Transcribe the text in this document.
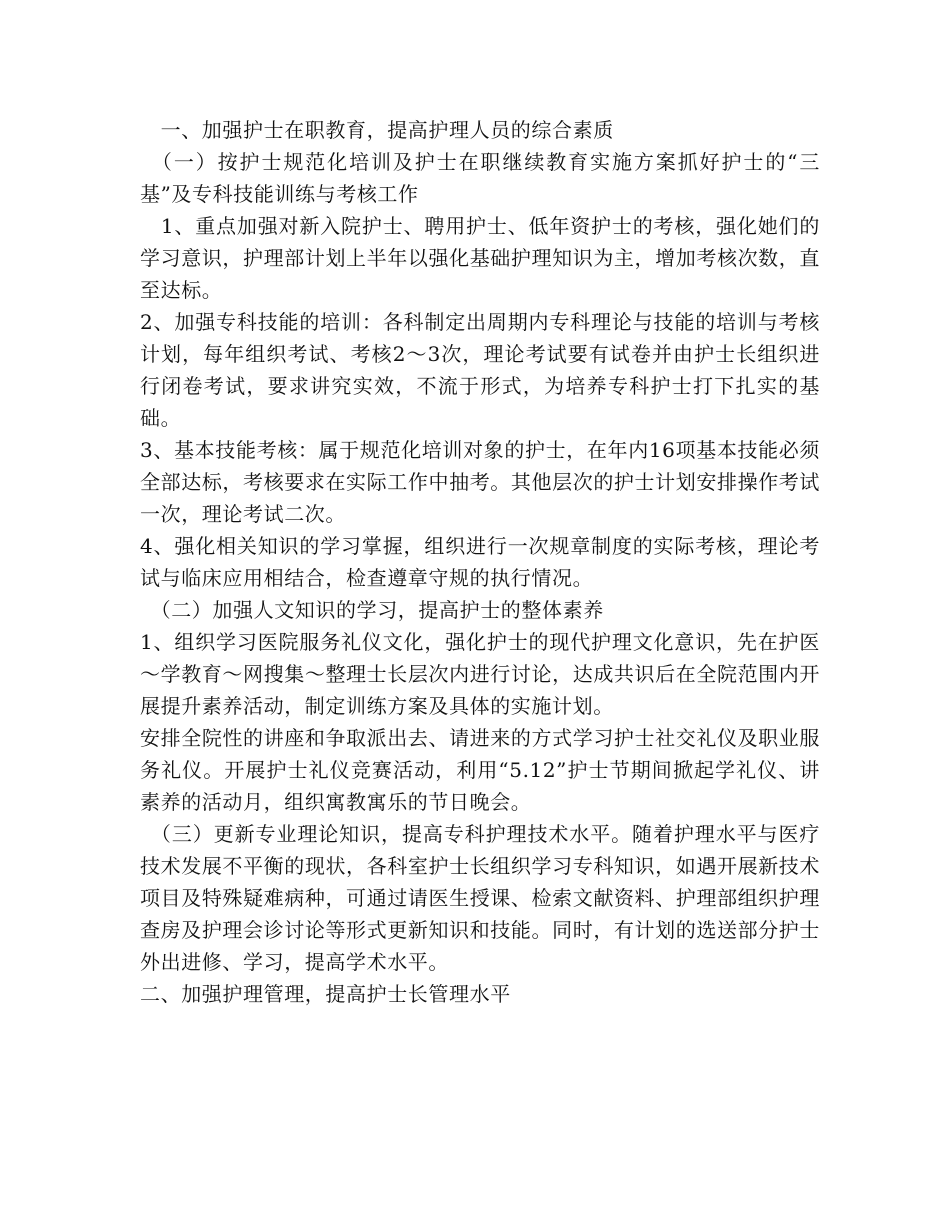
　一、加强护士在职教育，提高护理人员的综合素质

　（一）按护士规范化培训及护士在职继续教育实施方案抓好护士的“三基”及专科技能训练与考核工作

　1、重点加强对新入院护士、聘用护士、低年资护士的考核，强化她们的学习意识，护理部计划上半年以强化基础护理知识为主，增加考核次数，直至达标。

2、加强专科技能的培训：各科制定出周期内专科理论与技能的培训与考核计划，每年组织考试、考核2～3次，理论考试要有试卷并由护士长组织进行闭卷考试，要求讲究实效，不流于形式，为培养专科护士打下扎实的基础。

3、基本技能考核：属于规范化培训对象的护士，在年内16项基本技能必须全部达标，考核要求在实际工作中抽考。其他层次的护士计划安排操作考试一次，理论考试二次。

4、强化相关知识的学习掌握，组织进行一次规章制度的实际考核，理论考试与临床应用相结合，检查遵章守规的执行情况。

　（二）加强人文知识的学习，提高护士的整体素养

1、组织学习医院服务礼仪文化，强化护士的现代护理文化意识，先在护医～学教育～网搜集～整理士长层次内进行讨论，达成共识后在全院范围内开展提升素养活动，制定训练方案及具体的实施计划。

安排全院性的讲座和争取派出去、请进来的方式学习护士社交礼仪及职业服务礼仪。开展护士礼仪竞赛活动，利用“5.12”护士节期间掀起学礼仪、讲素养的活动月，组织寓教寓乐的节日晚会。

　（三）更新专业理论知识，提高专科护理技术水平。随着护理水平与医疗技术发展不平衡的现状，各科室护士长组织学习专科知识，如遇开展新技术项目及特殊疑难病种，可通过请医生授课、检索文献资料、护理部组织护理查房及护理会诊讨论等形式更新知识和技能。同时，有计划的选送部分护士外出进修、学习，提高学术水平。

二、加强护理管理，提高护士长管理水平
